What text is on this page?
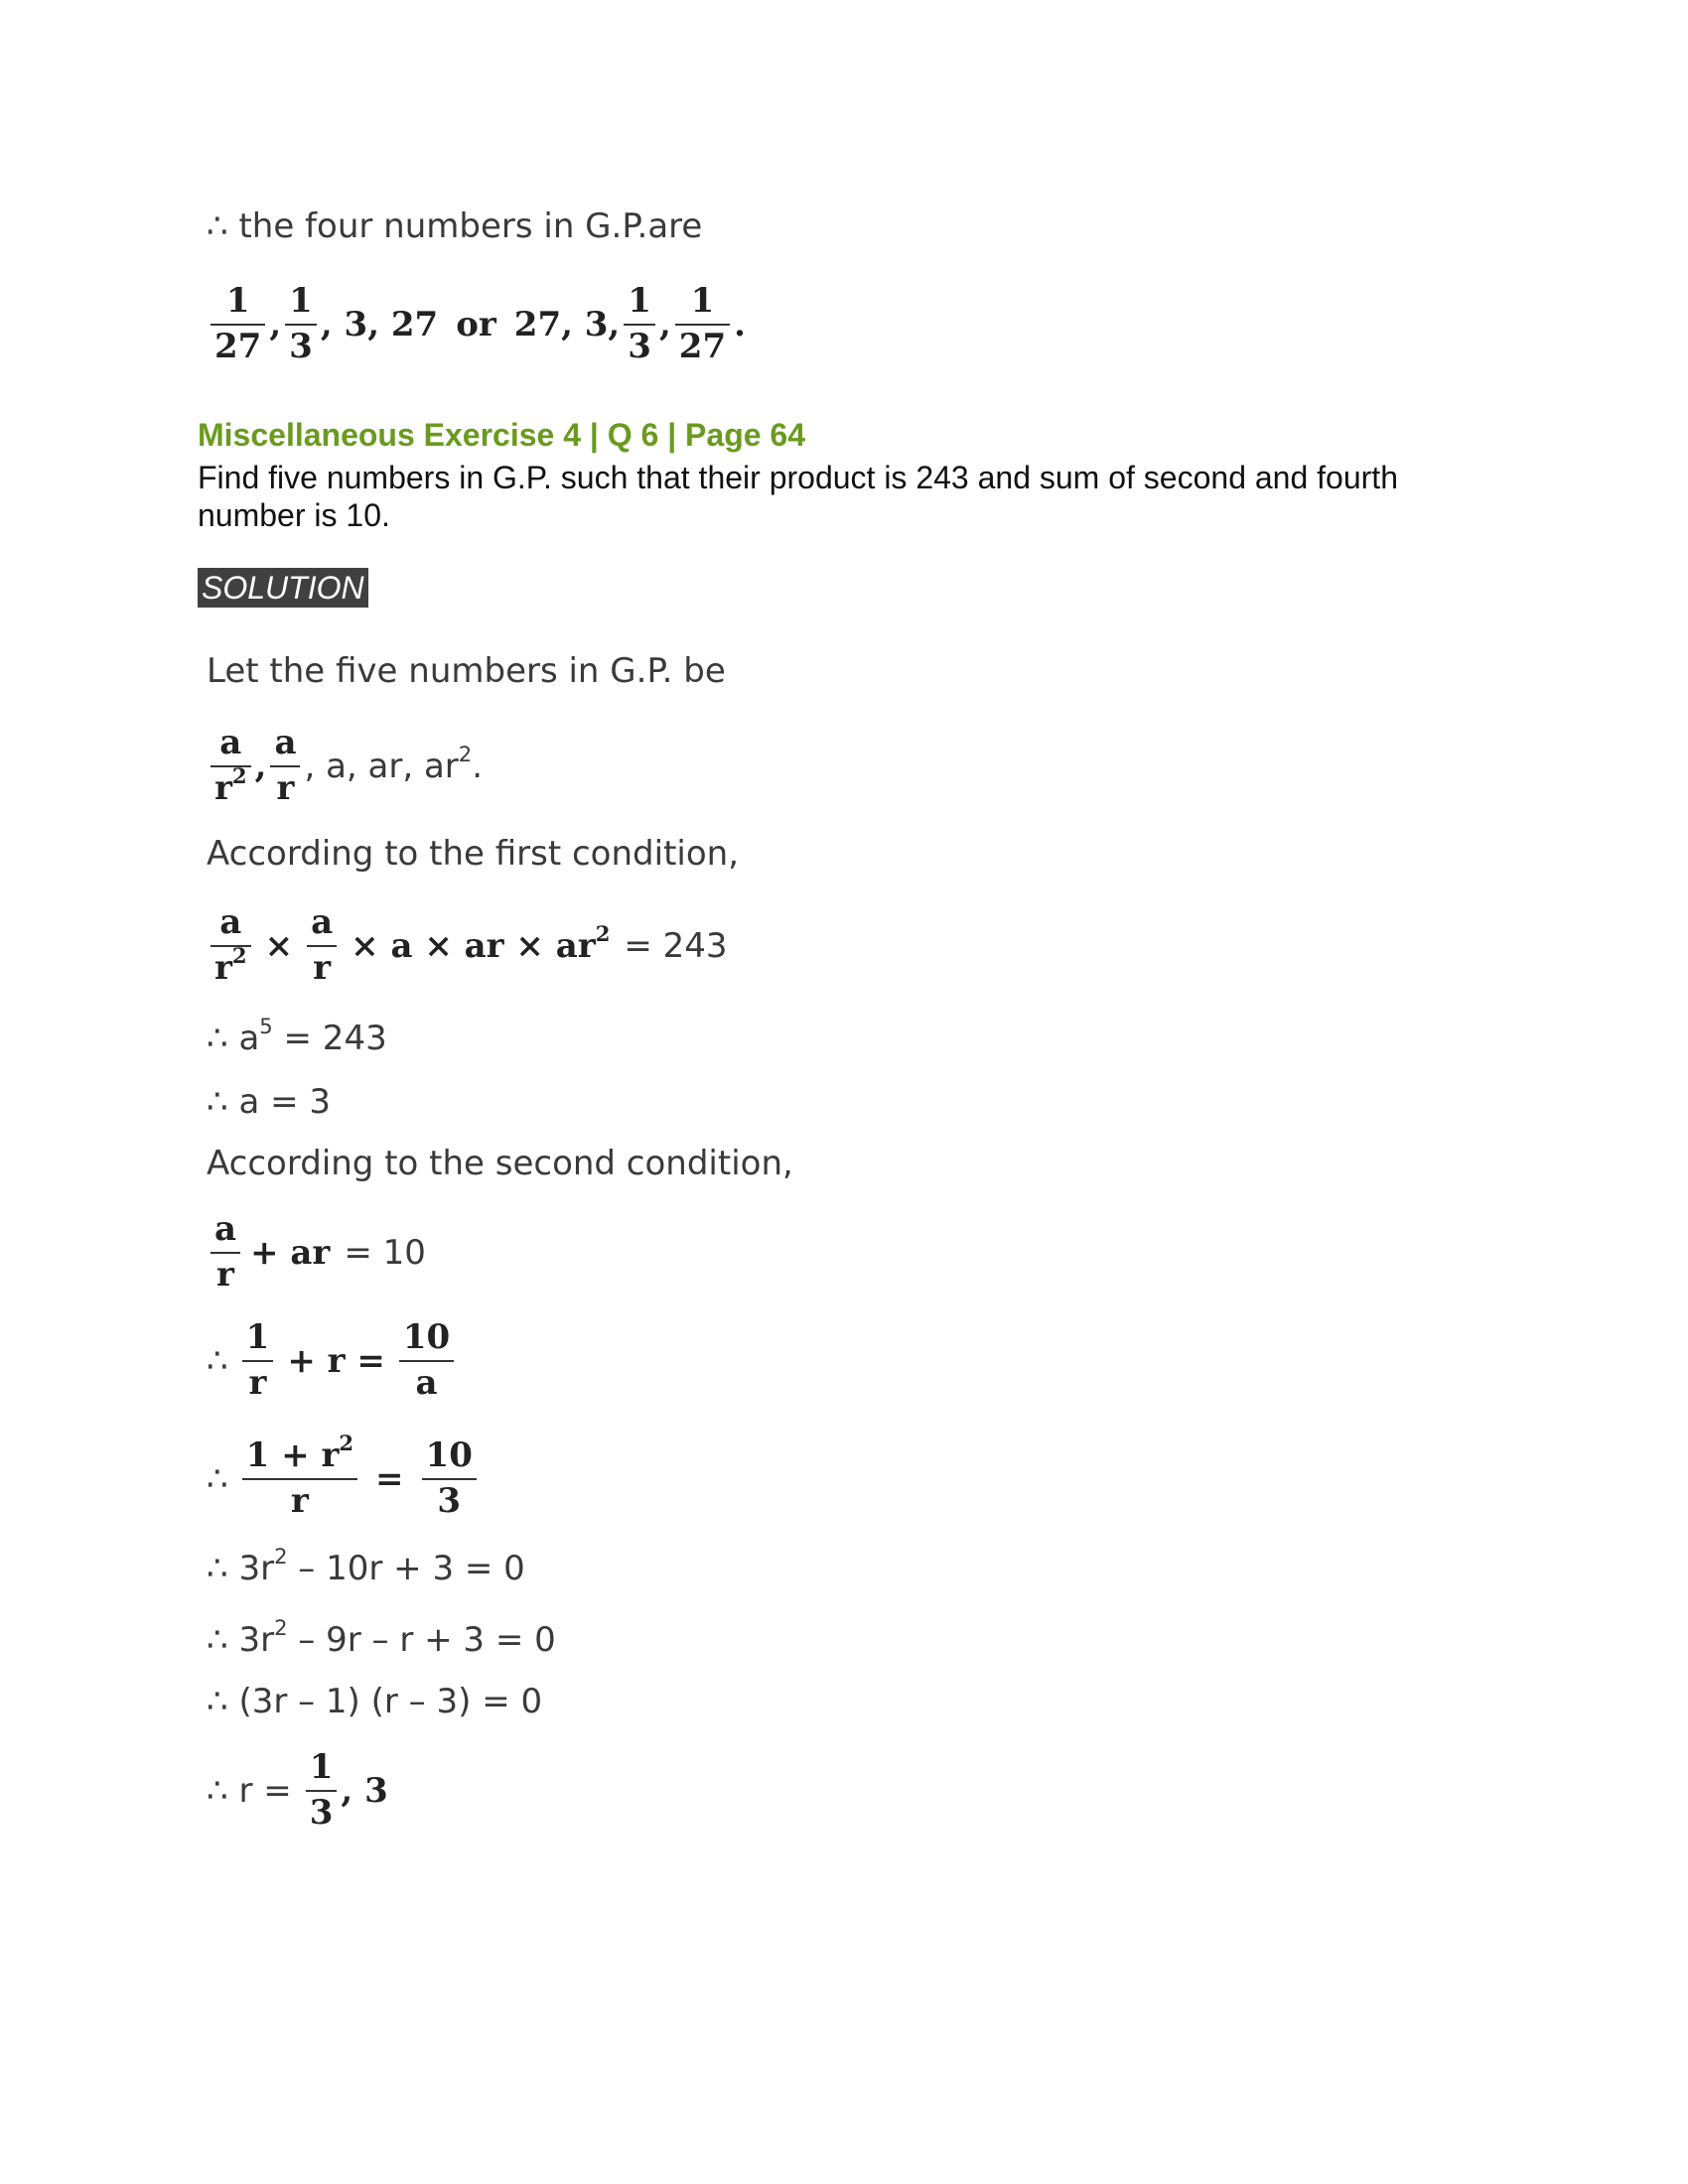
∴ the four numbers in G.P.are
$\frac{1}{27}$ , $\frac{1}{3}$ , 3, 27 or 27, 3, $\frac{1}{3}$ , $\frac{1}{27}$ .
Miscellaneous Exercise 4 | Q 6 | Page 64
Find five numbers in G.P. such that their product is 243 and sum of second and fourth number is 10.
SOLUTION
Let the five numbers in G.P. be
$\frac{a}{r^2}$ , $\frac{a}{r}$ , a, ar, $ar^2$.
According to the first condition,
$\frac{a}{r^2} \times \frac{a}{r} \times a$ × ar × $ar^2 = 243$
∴ $a^5 = 243$
∴ a = 3
According to the second condition,
$\frac{a}{r}$ + ar = 10
∴ $\frac{1}{r} + r = \frac{10}{a}$
∴ $\frac{1 + r^2}{r} = \frac{10}{3}$
∴ $3r^2 - 10r + 3 = 0$
∴ $3r^2 - 9r - r + 3 = 0$
∴ (3r – 1) (r – 3) = 0
∴ $r = \frac{1}{3}$ , 3
